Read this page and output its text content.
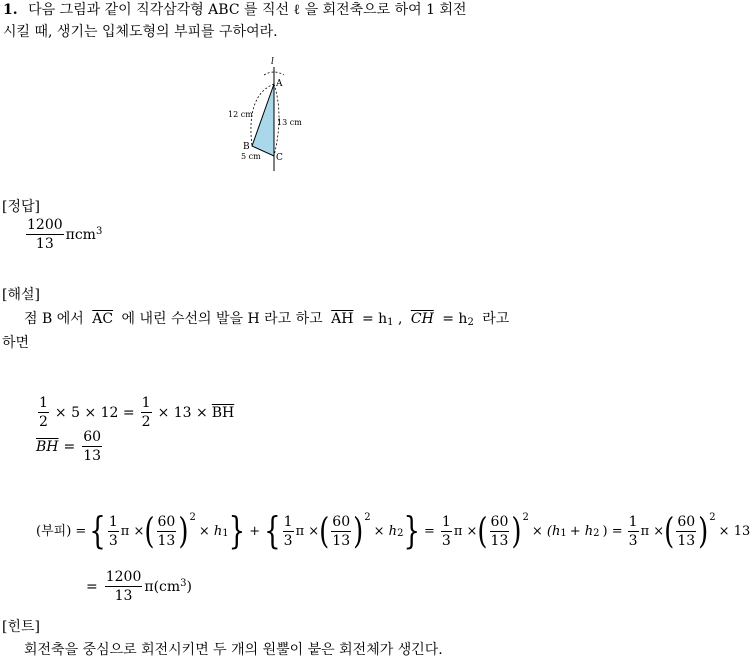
1. 다음 그림과 같이 직각삼각형 ABC 를 직선 ℓ 을 회전축으로 하여 1 회전
시킬 때, 생기는 입체도형의 부피를 구하여라.
l
A
B
C
12 cm
13 cm
5 cm
[정답]
$\frac{1200}{13} \pi cm^3$
[해설]
점 B 에서 $\overline{AC}$ 에 내린 수선의 발을 H 라고 하고 $\overline{AH} = h_1$ , $\overline{CH} = h_2$ 라고
하면
$\frac{1}{2} \times 5 \times 12 = \frac{1}{2} \times 13 \times \overline{BH}$
$\overline{BH} = \frac{60}{13}$
(부피) = { $\frac{1}{3}$ π × ( $\frac{60}{13}$ ) 2
× $h_1$ } + { $\frac{1}{3}$ π × ( $\frac{60}{13}$ ) 2
× $h_2$ } = $\frac{1}{3}$ π × ( $\frac{60}{13}$ ) 2
× ($h_1 + h_2$ ) = $\frac{1}{3}$ π × ( $\frac{60}{13}$ ) 2
× 13
= $\frac{1200}{13} \pi(cm^3$ )
[힌트]
회전축을 중심으로 회전시키면 두 개의 원뿔이 붙은 회전체가 생긴다.
